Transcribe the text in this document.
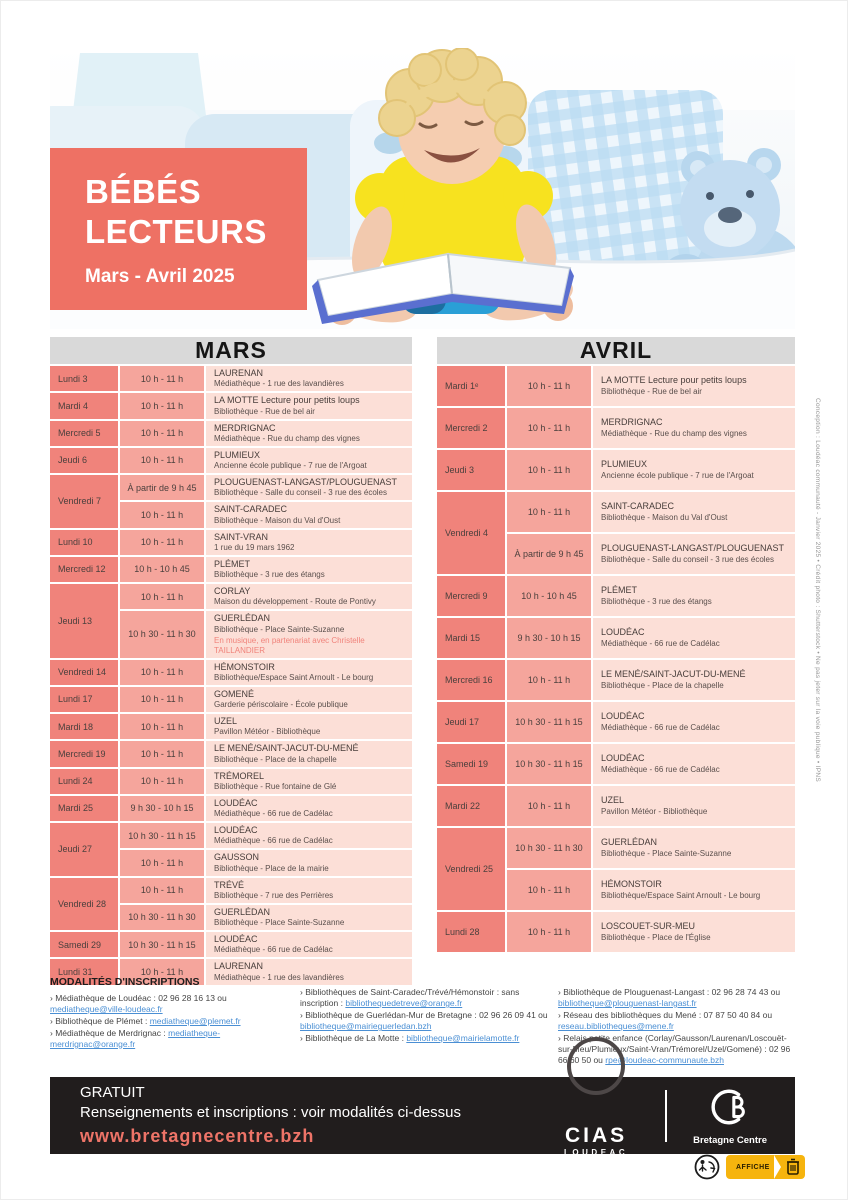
BÉBÉS
LECTEURS
Mars - Avril 2025
MARS
Lundi 3	10 h - 11 h	LAURENAN
Médiathèque - 1 rue des lavandières

Mardi 4	10 h - 11 h	LA MOTTE Lecture pour petits loups
Bibliothèque - Rue de bel air

Mercredi 5	10 h - 11 h	MERDRIGNAC
Médiathèque - Rue du champ des vignes

Jeudi 6	10 h - 11 h	PLUMIEUX
Ancienne école publique - 7 rue de l'Argoat

Vendredi 7	À partir de 9 h 45	PLOUGUENAST-LANGAST/PLOUGUENAST
Bibliothèque - Salle du conseil - 3 rue des écoles

	10 h - 11 h	SAINT-CARADEC
Bibliothèque - Maison du Val d'Oust

Lundi 10	10 h - 11 h	SAINT-VRAN
1 rue du 19 mars 1962

Mercredi 12	10 h - 10 h 45	PLÉMET
Bibliothèque - 3 rue des étangs

Jeudi 13	10 h - 11 h	CORLAY
Maison du développement - Route de Pontivy

	10 h 30 - 11 h 30	GUERLÉDAN
Bibliothèque - Place Sainte-Suzanne
En musique, en partenariat avec Christelle TAILLANDIER

Vendredi 14	10 h - 11 h	HÉMONSTOIR
Bibliothèque/Espace Saint Arnoult - Le bourg

Lundi 17	10 h - 11 h	GOMENÉ
Garderie périscolaire - École publique

Mardi 18	10 h - 11 h	UZEL
Pavillon Météor - Bibliothèque

Mercredi 19	10 h - 11 h	LE MENÉ/SAINT-JACUT-DU-MENÉ
Bibliothèque - Place de la chapelle

Lundi 24	10 h - 11 h	TRÉMOREL
Bibliothèque - Rue fontaine de Glé

Mardi 25	9 h 30 - 10 h 15	LOUDÉAC
Médiathèque - 66 rue de Cadélac

Jeudi 27	10 h 30 - 11 h 15	LOUDÉAC
Médiathèque - 66 rue de Cadélac

	10 h - 11 h	GAUSSON
Bibliothèque - Place de la mairie

Vendredi 28	10 h - 11 h	TRÉVÉ
Bibliothèque - 7 rue des Perrières

	10 h 30 - 11 h 30	GUERLÉDAN
Bibliothèque - Place Sainte-Suzanne

Samedi 29	10 h 30 - 11 h 15	LOUDÉAC
Médiathèque - 66 rue de Cadélac

Lundi 31	10 h - 11 h	LAURENAN
Médiathèque - 1 rue des lavandières
AVRIL
Mardi 1ᵉ	10 h - 11 h	LA MOTTE Lecture pour petits loups
Bibliothèque - Rue de bel air

Mercredi 2	10 h - 11 h	MERDRIGNAC
Médiathèque - Rue du champ des vignes

Jeudi 3	10 h - 11 h	PLUMIEUX
Ancienne école publique - 7 rue de l'Argoat

Vendredi 4	10 h - 11 h	SAINT-CARADEC
Bibliothèque - Maison du Val d'Oust

	À partir de 9 h 45	PLOUGUENAST-LANGAST/PLOUGUENAST
Bibliothèque - Salle du conseil - 3 rue des écoles

Mercredi 9	10 h - 10 h 45	PLÉMET
Bibliothèque - 3 rue des étangs

Mardi 15	9 h 30 - 10 h 15	LOUDÉAC
Médiathèque - 66 rue de Cadélac

Mercredi 16	10 h - 11 h	LE MENÉ/SAINT-JACUT-DU-MENÉ
Bibliothèque - Place de la chapelle

Jeudi 17	10 h 30 - 11 h 15	LOUDÉAC
Médiathèque - 66 rue de Cadélac

Samedi 19	10 h 30 - 11 h 15	LOUDÉAC
Médiathèque - 66 rue de Cadélac

Mardi 22	10 h - 11 h	UZEL
Pavillon Météor - Bibliothèque

Vendredi 25	10 h 30 - 11 h 30	GUERLÉDAN
Bibliothèque - Place Sainte-Suzanne

	10 h - 11 h	HÉMONSTOIR
Bibliothèque/Espace Saint Arnoult - Le bourg

Lundi 28	10 h - 11 h	LOSCOUET-SUR-MEU
Bibliothèque - Place de l'Église
MODALITÉS D'INSCRIPTIONS

› Médiathèque de Loudéac : 02 96 28 16 13 ou mediatheque@ville-loudeac.fr

› Bibliothèque de Plémet : mediatheque@plemet.fr

› Médiathèque de Merdrignac : mediatheque-merdrignac@orange.fr

› Bibliothèques de Saint-Caradec/Trévé/Hémonstoir : sans inscription : bibliothequedetreve@orange.fr

› Bibliothèque de Guerlédan-Mur de Bretagne : 02 96 26 09 41 ou bibliotheque@mairieguerledan.bzh

› Bibliothèque de La Motte : bibliotheque@mairielamotte.fr

› Bibliothèque de Plouguenast-Langast : 02 96 28 74 43 ou bibliotheque@plouguenast-langast.fr

› Réseau des bibliothèques du Mené : 07 87 50 40 84 ou reseau.bibliotheques@mene.fr

› Relais petite enfance (Corlay/Gausson/Laurenan/Loscouët-sur-Meu/Plumieux/Saint-Vran/Trémorel/Uzel/Gomené) : 02 96 66 60 50 ou rpe@loudeac-communaute.bzh

GRATUIT
Renseignements et inscriptions : voir modalités ci-dessus
www.bretagnecentre.bzh	CIAS
LOUDEAC
communauté
Bretagne Centre
AFFICHE
Conception : Loudéac communauté - Janvier 2025 • Crédit photo : Shutterstock • Ne pas jeter sur la voie publique • IPNS
